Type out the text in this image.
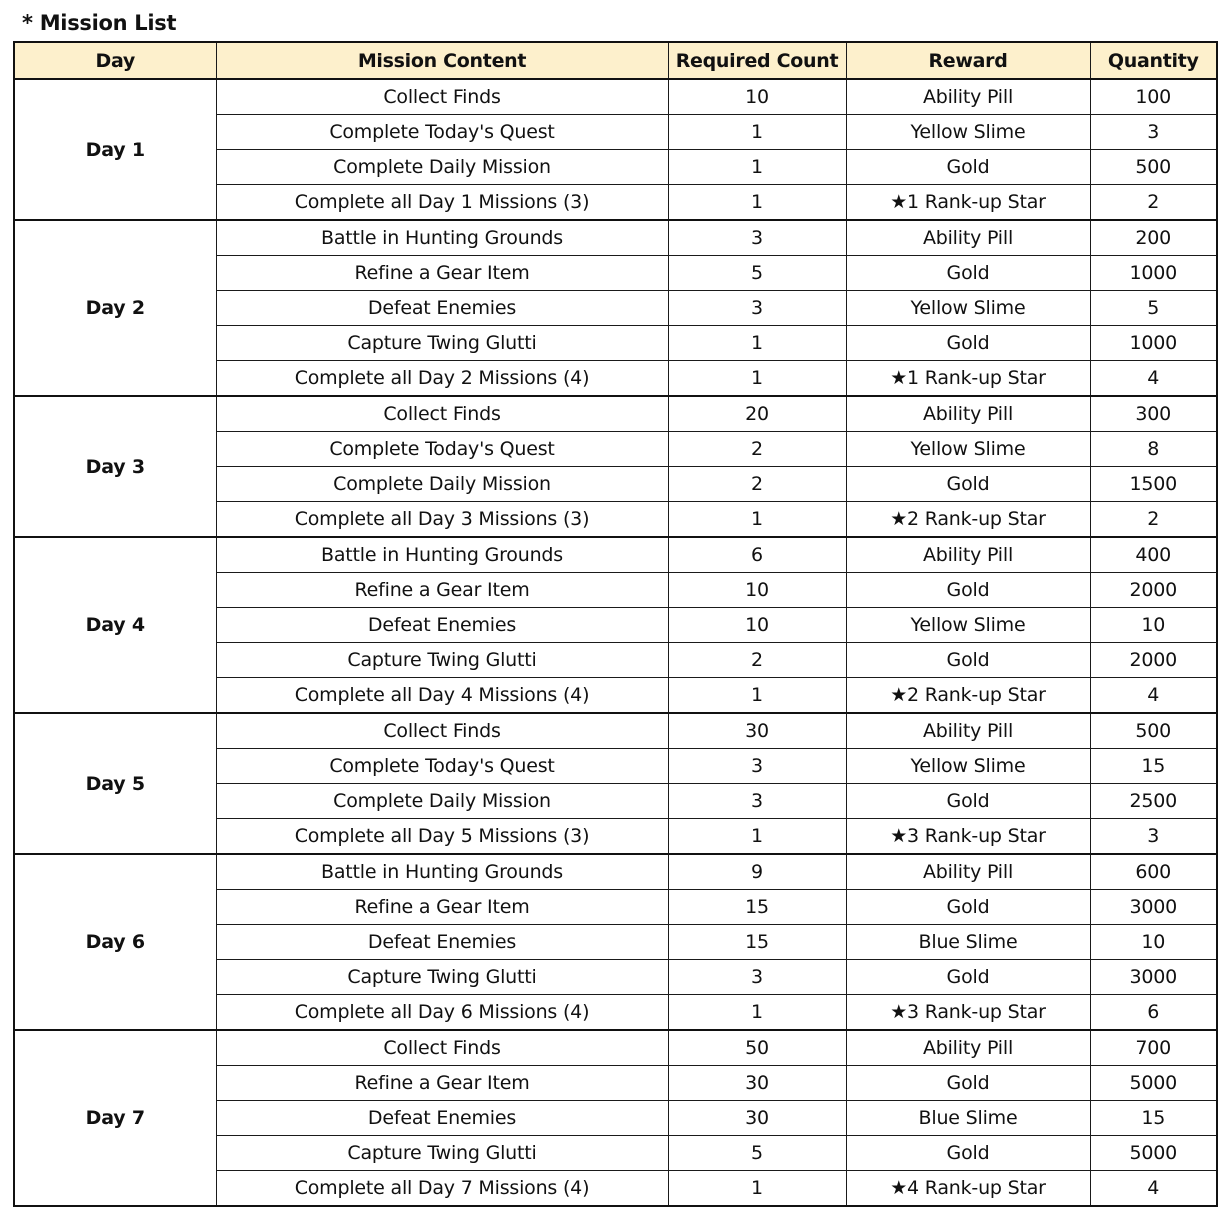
* Mission List
Day	Mission Content	Required Count	Reward	Quantity
Day 1	Collect Finds	10	Ability Pill	100
	Complete Today's Quest	1	Yellow Slime	3
	Complete Daily Mission	1	Gold	500
	Complete all Day 1 Missions (3)	1	★1 Rank-up Star	2
Day 2	Battle in Hunting Grounds	3	Ability Pill	200
	Refine a Gear Item	5	Gold	1000
	Defeat Enemies	3	Yellow Slime	5
	Capture Twing Glutti	1	Gold	1000
	Complete all Day 2 Missions (4)	1	★1 Rank-up Star	4
Day 3	Collect Finds	20	Ability Pill	300
	Complete Today's Quest	2	Yellow Slime	8
	Complete Daily Mission	2	Gold	1500
	Complete all Day 3 Missions (3)	1	★2 Rank-up Star	2
Day 4	Battle in Hunting Grounds	6	Ability Pill	400
	Refine a Gear Item	10	Gold	2000
	Defeat Enemies	10	Yellow Slime	10
	Capture Twing Glutti	2	Gold	2000
	Complete all Day 4 Missions (4)	1	★2 Rank-up Star	4
Day 5	Collect Finds	30	Ability Pill	500
	Complete Today's Quest	3	Yellow Slime	15
	Complete Daily Mission	3	Gold	2500
	Complete all Day 5 Missions (3)	1	★3 Rank-up Star	3
Day 6	Battle in Hunting Grounds	9	Ability Pill	600
	Refine a Gear Item	15	Gold	3000
	Defeat Enemies	15	Blue Slime	10
	Capture Twing Glutti	3	Gold	3000
	Complete all Day 6 Missions (4)	1	★3 Rank-up Star	6
Day 7	Collect Finds	50	Ability Pill	700
	Refine a Gear Item	30	Gold	5000
	Defeat Enemies	30	Blue Slime	15
	Capture Twing Glutti	5	Gold	5000
	Complete all Day 7 Missions (4)	1	★4 Rank-up Star	4
